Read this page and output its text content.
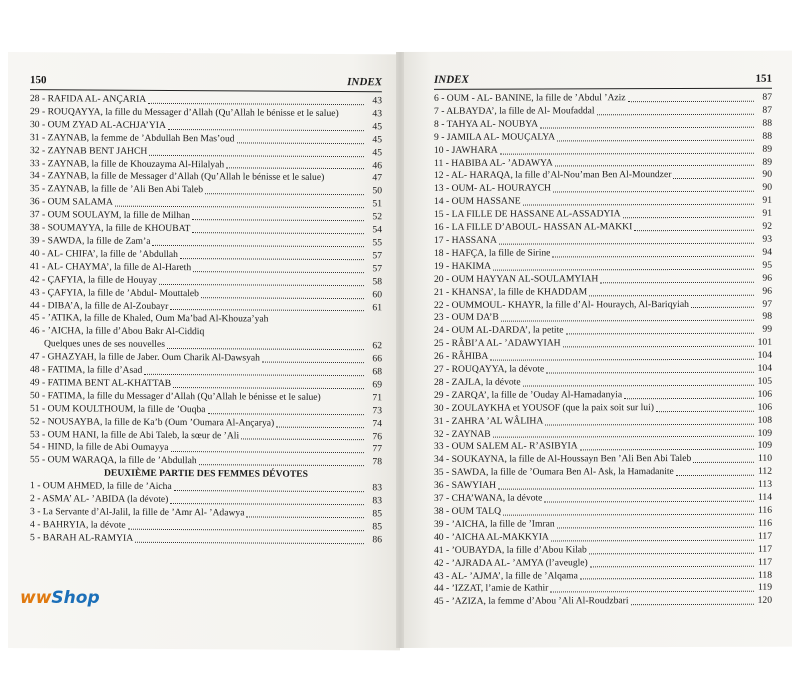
150	INDEX
28 - RAFIDA AL- ANÇARIA	43
29 - ROUQAYYA, la fille du Messager d’Allah (Qu’Allah le bénisse et le salue)	43
30 - OUM ZYAD AL-ACHJA’YIA	45
31 - ZAYNAB, la femme de ’Abdullah Ben Mas’oud	45
32 - ZAYNAB BENT JAHCH	45
33 - ZAYNAB, la fille de Khouzayma Al-Hilalyah	46
34 - ZAYNAB, la fille de Messager d’Allah (Qu’Allah le bénisse et le salue)	47
35 - ZAYNAB, la fille de ’Ali Ben Abi Taleb	50
36 - OUM SALAMA	51
37 - OUM SOULAYM, la fille de Milhan	52
38 - SOUMAYYA, la fille de KHOUBAT	54
39 - SAWDA, la fille de Zam’a	55
40 - AL- CHIFA’, la fille de ’Abdullah	57
41 - AL- CHAYMA’, la fille de Al-Hareth	57
42 - ÇAFYIA, la fille de Houyay	58
43 - ÇAFYIA, la fille de ’Abdul- Mouttaleb	60
44 - DIBA’A, la fille de Al-Zoubayr	61
45 - ’ATIKA, la fille de Khaled, Oum Ma’bad Al-Khouza’yah
46 - ’AICHA, la fille d’Abou Bakr Al-Ciddiq
Quelques unes de ses nouvelles	62
47 - GHAZYAH, la fille de Jaber. Oum Charik Al-Dawsyah	66
48 - FATIMA, la fille d’Asad	68
49 - FATIMA BENT AL-KHATTAB	69
50 - FATIMA, la fille du Messager d’Allah (Qu’Allah le bénisse et le salue)	71
51 - OUM KOULTHOUM, la fille de ’Ouqba	73
52 - NOUSAYBA, la fille de Ka’b (Oum ’Oumara Al-Ançarya)	74
53 - OUM HANI, la fille de Abi Taleb, la sœur de ’Ali	76
54 - HIND, la fille de Abi Oumayya	77
55 - OUM WARAQA, la fille de ’Abdullah	78
DEUXIÈME PARTIE DES FEMMES DÉVOTES
1 - OUM AHMED, la fille de ’Aicha	83
2 - ASMA’ AL- ’ABIDA (la dévote)	83
3 - La Servante d’Al-Jalil, la fille de ’Amr Al- ’Adawya	85
4 - BAHRYIA, la dévote	85
5 - BARAH AL-RAMYIA	86
INDEX	151
6 - OUM - AL- BANINE, la fille de ’Abdul ’Aziz	87
7 - ALBAYDA’, la fille de Al- Moufaddal	87
8 - TAHYA AL- NOUBYA	88
9 - JAMILA AL- MOUÇALYA	88
10 - JAWHARA	89
11 - HABIBA AL- ’ADAWYA	89
12 - AL- HARAQA, la fille d’Al-Nou’man Ben Al-Moundzer	90
13 - OUM- AL- HOURAYCH	90
14 - OUM HASSANE	91
15 - LA FILLE DE HASSANE AL-ASSADYIA	91
16 - LA FILLE D’ABOUL- HASSAN AL-MAKKI	92
17 - HASSANA	93
18 - HAFÇA, la fille de Sirine	94
19 - HAKIMA	95
20 - OUM HAYYAN AL-SOULAMYIAH	96
21 - KHANSA’, la fille de KHADDAM	96
22 - OUMMOUL- KHAYR, la fille d’Al- Houraych, Al-Bariqyiah	97
23 - OUM DA’B	98
24 - OUM AL-DARDA’, la petite	99
25 - RÂBI’A AL- ’ADAWYIAH	101
26 - RÂHIBA	104
27 - ROUQAYYA, la dévote	104
28 - ZAJLA, la dévote	105
29 - ZARQA’, la fille de ’Ouday Al-Hamadanyia	106
30 - ZOULAYKHA et YOUSOF (que la paix soit sur lui)	106
31 - ZAHRA ’AL WÂLIHA	108
32 - ZAYNAB	109
33 - OUM SALEM AL- R’ASIBYIA	109
34 - SOUKAYNA, la fille de Al-Houssayn Ben ’Ali Ben Abi Taleb	110
35 - SAWDA, la fille de ’Oumara Ben Al- Ask, la Hamadanite	112
36 - SAWYIAH	113
37 - CHA’WANA, la dévote	114
38 - OUM TALQ	116
39 - ’AICHA, la fille de ’Imran	116
40 - ’AICHA AL-MAKKYIA	117
41 - ’OUBAYDA, la fille d’Abou Kilab	117
42 - ’AJRADA AL- ’AMYA (l’aveugle)	117
43 - AL- ’AJMA’, la fille de ’Alqama	118
44 - ’IZZAT, l’amie de Kathir	119
45 - ’AZIZA, la femme d’Abou ’Ali Al-Roudzbari	120
wwShop
